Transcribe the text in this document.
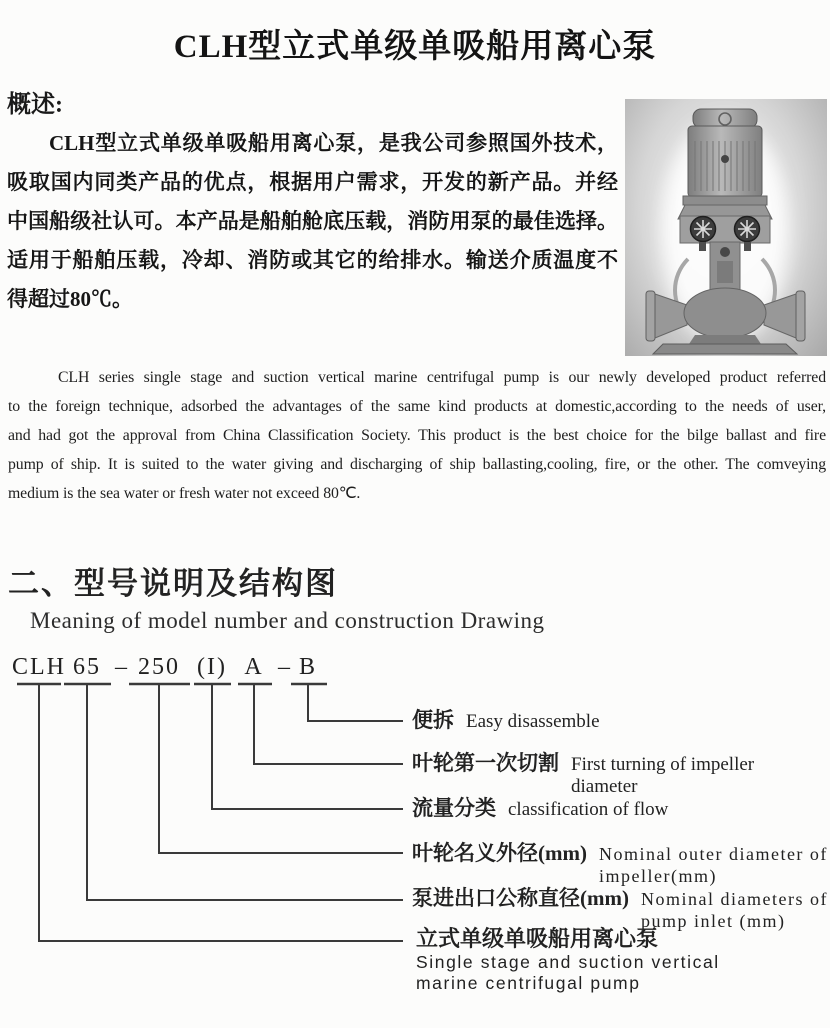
CLH型立式单级单吸船用离心泵
概述:
CLH型立式单级单吸船用离心泵，是我公司参照国外技术，
吸取国内同类产品的优点，根据用户需求，开发的新产品。并经
中国船级社认可。本产品是船舶舱底压载，消防用泵的最佳选择。
适用于船舶压载，冷却、消防或其它的给排水。输送介质温度不
得超过80℃。
CLH series single stage and suction vertical marine centrifugal pump is our newly developed product referred
to the foreign technique, adsorbed the advantages of the same kind products at domestic,according to the needs of user,
and had got the approval from China Classification Society. This product is the best choice for the bilge ballast and fire
pump of ship. It is suited to the water giving and discharging of ship ballasting,cooling, fire, or the other. The comveying
medium is the sea water or fresh water not exceed 80℃.
二、型号说明及结构图
Meaning of model number and construction Drawing
CLH 65 – 250 (I) A – B
便拆 Easy disassemble
叶轮第一次切割 First turning of impeller
diameter
流量分类 classification of flow
叶轮名义外径(mm) Nominal outer diameter of
impeller(mm)
泵进出口公称直径(mm) Nominal diameters of
pump inlet (mm)
立式单级单吸船用离心泵
Single stage and suction vertical
marine centrifugal pump
